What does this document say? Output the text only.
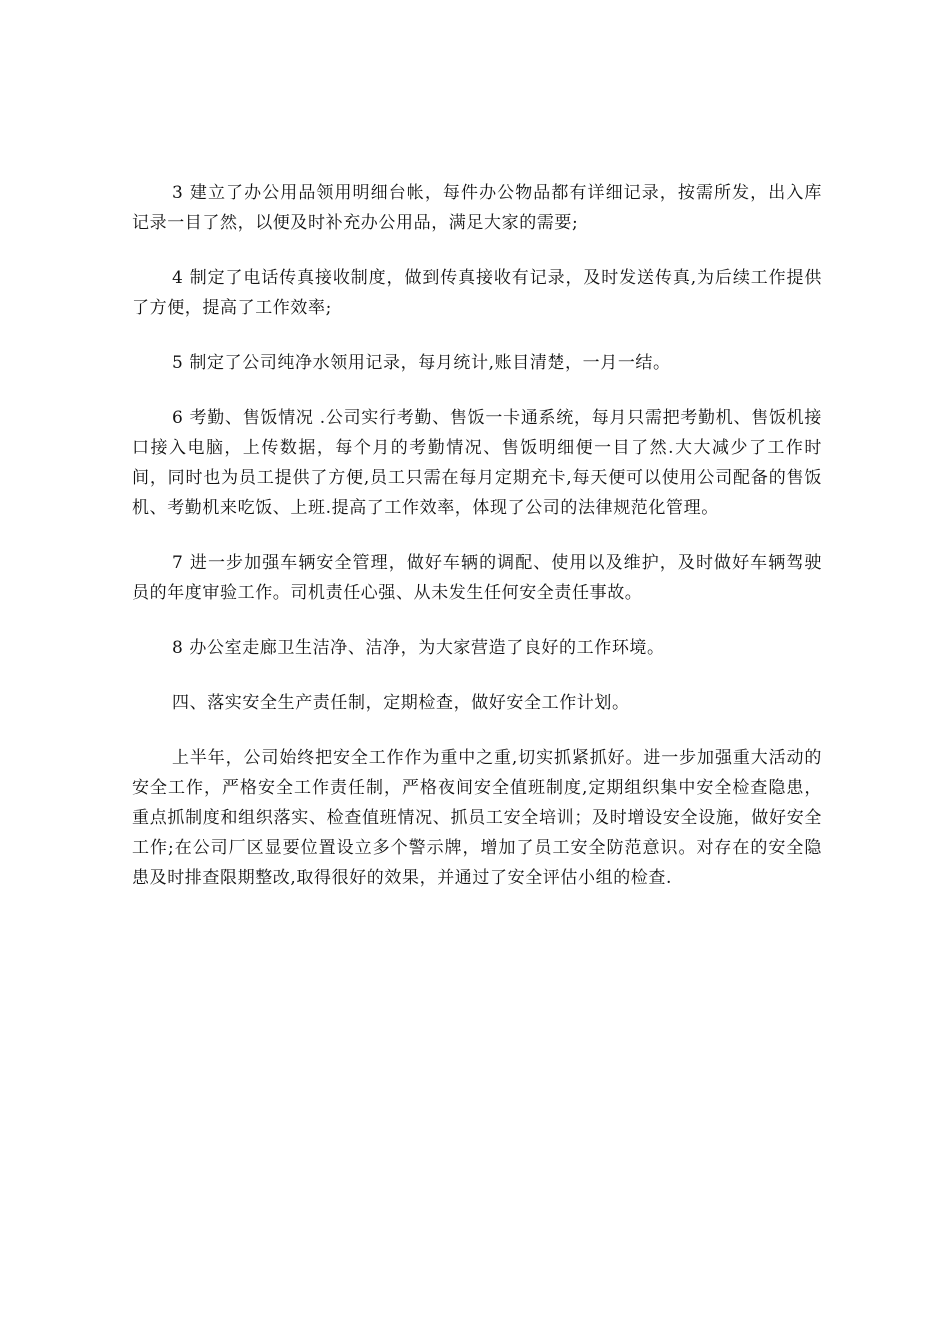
3 建立了办公用品领用明细台帐，每件办公物品都有详细记录，按需所发，出入库记录一目了然，以便及时补充办公用品，满足大家的需要;

4 制定了电话传真接收制度，做到传真接收有记录，及时发送传真,为后续工作提供了方便，提高了工作效率;

5 制定了公司纯净水领用记录，每月统计,账目清楚，一月一结。

6 考勤、售饭情况 .公司实行考勤、售饭一卡通系统，每月只需把考勤机、售饭机接口接入电脑，上传数据，每个月的考勤情况、售饭明细便一目了然.大大减少了工作时间，同时也为员工提供了方便,员工只需在每月定期充卡,每天便可以使用公司配备的售饭机、考勤机来吃饭、上班.提高了工作效率，体现了公司的法律规范化管理。

7 进一步加强车辆安全管理，做好车辆的调配、使用以及维护，及时做好车辆驾驶员的年度审验工作。司机责任心强、从未发生任何安全责任事故。

8 办公室走廊卫生洁净、洁净，为大家营造了良好的工作环境。

四、落实安全生产责任制，定期检查，做好安全工作计划。

上半年，公司始终把安全工作作为重中之重,切实抓紧抓好。进一步加强重大活动的安全工作，严格安全工作责任制，严格夜间安全值班制度,定期组织集中安全检查隐患，重点抓制度和组织落实、检查值班情况、抓员工安全培训；及时增设安全设施，做好安全工作;在公司厂区显要位置设立多个警示牌，增加了员工安全防范意识。对存在的安全隐患及时排查限期整改,取得很好的效果，并通过了安全评估小组的检查.
